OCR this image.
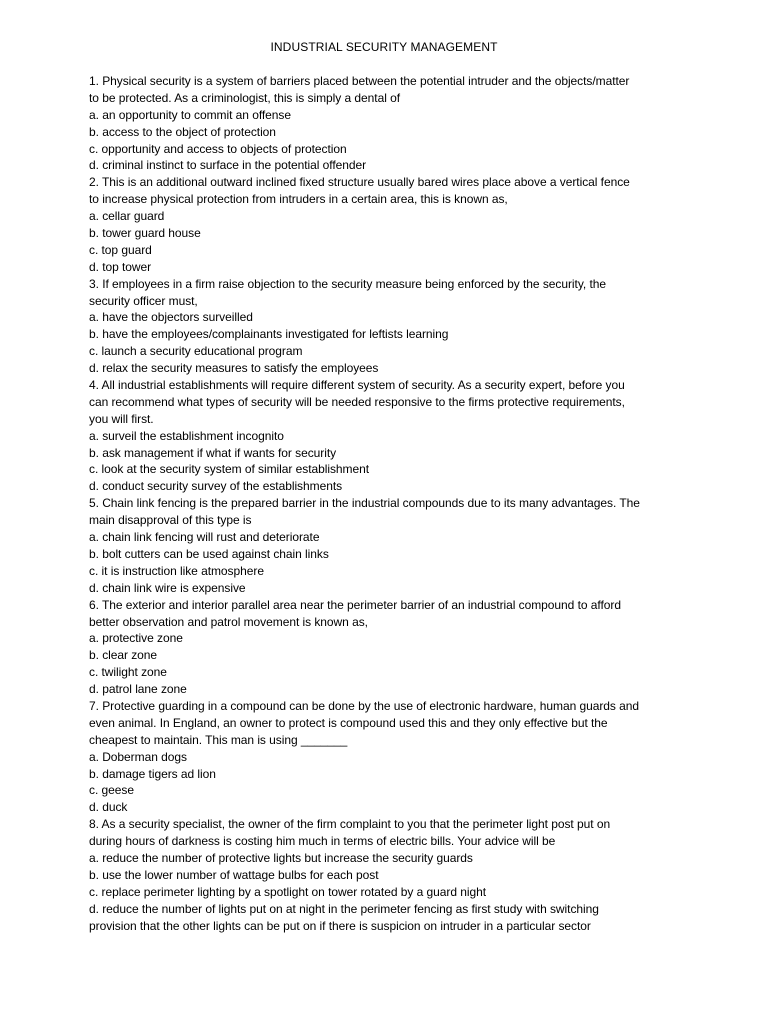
INDUSTRIAL SECURITY MANAGEMENT
1. Physical security is a system of barriers placed between the potential intruder and the objects/matter
to be protected. As a criminologist, this is simply a dental of
a. an opportunity to commit an offense
b. access to the object of protection
c. opportunity and access to objects of protection
d. criminal instinct to surface in the potential offender
2. This is an additional outward inclined fixed structure usually bared wires place above a vertical fence
to increase physical protection from intruders in a certain area, this is known as,
a. cellar guard
b. tower guard house
c. top guard
d. top tower
3. If employees in a firm raise objection to the security measure being enforced by the security, the
security officer must,
a. have the objectors surveilled
b. have the employees/complainants investigated for leftists learning
c. launch a security educational program
d. relax the security measures to satisfy the employees
4. All industrial establishments will require different system of security. As a security expert, before you
can recommend what types of security will be needed responsive to the firms protective requirements,
you will first.
a. surveil the establishment incognito
b. ask management if what if wants for security
c. look at the security system of similar establishment
d. conduct security survey of the establishments
5. Chain link fencing is the prepared barrier in the industrial compounds due to its many advantages. The
main disapproval of this type is
a. chain link fencing will rust and deteriorate
b. bolt cutters can be used against chain links
c. it is instruction like atmosphere
d. chain link wire is expensive
6. The exterior and interior parallel area near the perimeter barrier of an industrial compound to afford
better observation and patrol movement is known as,
a. protective zone
b. clear zone
c. twilight zone
d. patrol lane zone
7. Protective guarding in a compound can be done by the use of electronic hardware, human guards and
even animal. In England, an owner to protect is compound used this and they only effective but the
cheapest to maintain. This man is using _______
a. Doberman dogs
b. damage tigers ad lion
c. geese
d. duck
8. As a security specialist, the owner of the firm complaint to you that the perimeter light post put on
during hours of darkness is costing him much in terms of electric bills. Your advice will be
a. reduce the number of protective lights but increase the security guards
b. use the lower number of wattage bulbs for each post
c. replace perimeter lighting by a spotlight on tower rotated by a guard night
d. reduce the number of lights put on at night in the perimeter fencing as first study with switching
provision that the other lights can be put on if there is suspicion on intruder in a particular sector
